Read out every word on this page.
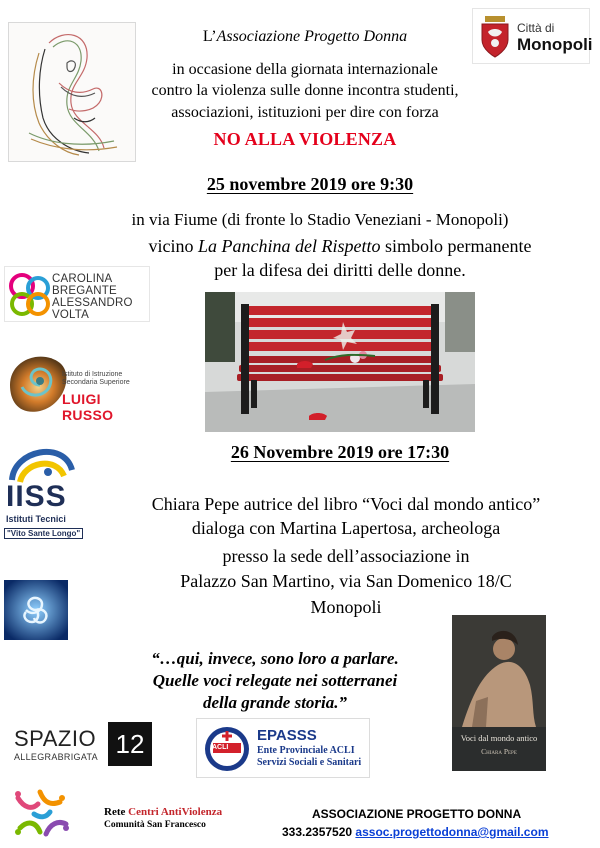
Città di
Monopoli
L’Associazione Progetto Donna
in occasione della giornata internazionale
contro la violenza sulle donne incontra studenti,
associazioni, istituzioni per dire con forza
NO ALLA VIOLENZA
25 novembre 2019 ore 9:30
in via Fiume (di fronte lo Stadio Veneziani - Monopoli)
vicino La Panchina del Rispetto simbolo permanente
per la difesa dei diritti delle donne.
CAROLINA
BREGANTE
ALESSANDRO
VOLTA
Istituto di Istruzione
Secondaria Superiore
LUIGI RUSSO
IISS
Istituti Tecnici
"Vito Sante Longo"
26 Novembre 2019 ore 17:30
Chiara Pepe autrice del libro “Voci dal mondo antico”
dialoga con Martina Lapertosa, archeologa
presso la sede dell’associazione in
Palazzo San Martino, via San Domenico 18/C
Monopoli
“…qui, invece, sono loro a parlare.
Quelle voci relegate nei sotterranei
della grande storia.”
Voci dal mondo antico
Chiara Pepe
SPAZIO
ALLEGRABRIGATA 12	ACLI
EPASSS
Ente Provinciale ACLI
Servizi Sociali e Sanitari
Rete Centri AntiViolenza
Comunità San Francesco
ASSOCIAZIONE PROGETTO DONNA
333.2357520 assoc.progettodonna@gmail.com
